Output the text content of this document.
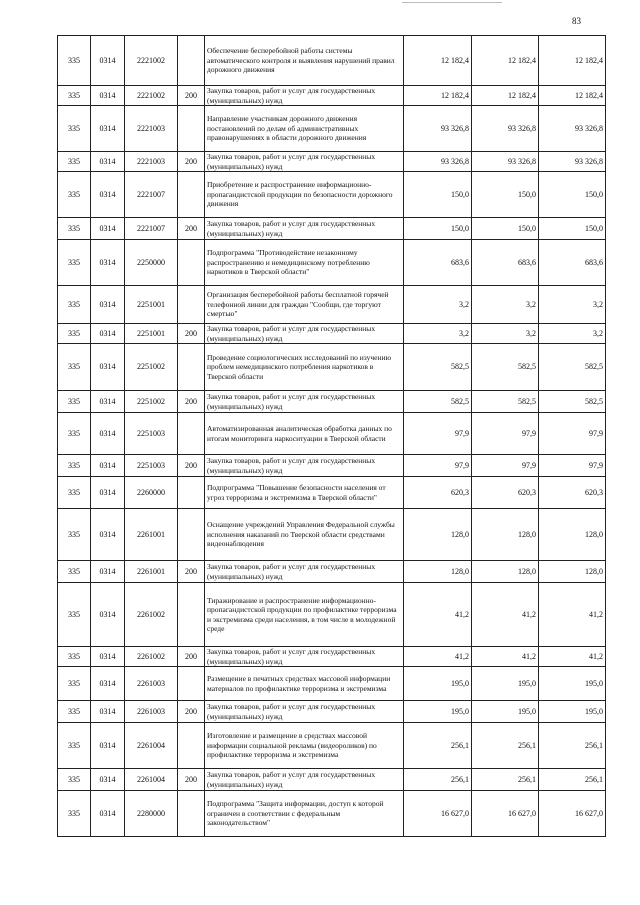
83
335	0314	2221002		Обеспечение бесперебойной работы системы автоматического контроля и выявления нарушений правил дорожного движения	12 182,4	12 182,4	12 182,4
335	0314	2221002	200	Закупка товаров, работ и услуг для государственных (муниципальных) нужд	12 182,4	12 182,4	12 182,4
335	0314	2221003		Направление участникам дорожного движения постановлений по делам об административных правонарушениях в области дорожного движения	93 326,8	93 326,8	93 326,8
335	0314	2221003	200	Закупка товаров, работ и услуг для государственных (муниципальных) нужд	93 326,8	93 326,8	93 326,8
335	0314	2221007		Приобретение и распространение информационно-пропагандистской продукции по безопасности дорожного движения	150,0	150,0	150,0
335	0314	2221007	200	Закупка товаров, работ и услуг для государственных (муниципальных) нужд	150,0	150,0	150,0
335	0314	2250000		Подпрограмма "Противодействие незаконному распространению и немедицинскому потреблению наркотиков в Тверской области"	683,6	683,6	683,6
335	0314	2251001		Организация бесперебойной работы бесплатной горячей телефонной линии для граждан "Сообщи, где торгуют смертью"	3,2	3,2	3,2
335	0314	2251001	200	Закупка товаров, работ и услуг для государственных (муниципальных) нужд	3,2	3,2	3,2
335	0314	2251002		Проведение социологических исследований по изучению проблем немедицинского потребления наркотиков в Тверской области	582,5	582,5	582,5
335	0314	2251002	200	Закупка товаров, работ и услуг для государственных (муниципальных) нужд	582,5	582,5	582,5
335	0314	2251003		Автоматизированная аналитическая обработка данных по итогам мониторинга наркоситуации в Тверской области	97,9	97,9	97,9
335	0314	2251003	200	Закупка товаров, работ и услуг для государственных (муниципальных) нужд	97,9	97,9	97,9
335	0314	2260000		Подпрограмма "Повышение безопасности населения от угроз терроризма и экстремизма в Тверской области"	620,3	620,3	620,3
335	0314	2261001		Оснащение учреждений Управления Федеральной службы исполнения наказаний по Тверской области средствами видеонаблюдения	128,0	128,0	128,0
335	0314	2261001	200	Закупка товаров, работ и услуг для государственных (муниципальных) нужд	128,0	128,0	128,0
335	0314	2261002		Тиражирование и распространение информационно-пропагандистской продукции по профилактике терроризма и экстремизма среди населения, в том числе в молодежной среде	41,2	41,2	41,2
335	0314	2261002	200	Закупка товаров, работ и услуг для государственных (муниципальных) нужд	41,2	41,2	41,2
335	0314	2261003		Размещение в печатных средствах массовой информации материалов по профилактике терроризма и экстремизма	195,0	195,0	195,0
335	0314	2261003	200	Закупка товаров, работ и услуг для государственных (муниципальных) нужд	195,0	195,0	195,0
335	0314	2261004		Изготовление и размещение в средствах массовой информации социальной рекламы (видеороликов) по профилактике терроризма и экстремизма	256,1	256,1	256,1
335	0314	2261004	200	Закупка товаров, работ и услуг для государственных (муниципальных) нужд	256,1	256,1	256,1
335	0314	2280000		Подпрограмма "Защита информации, доступ к которой ограничен в соответствии с федеральным законодательством"	16 627,0	16 627,0	16 627,0
